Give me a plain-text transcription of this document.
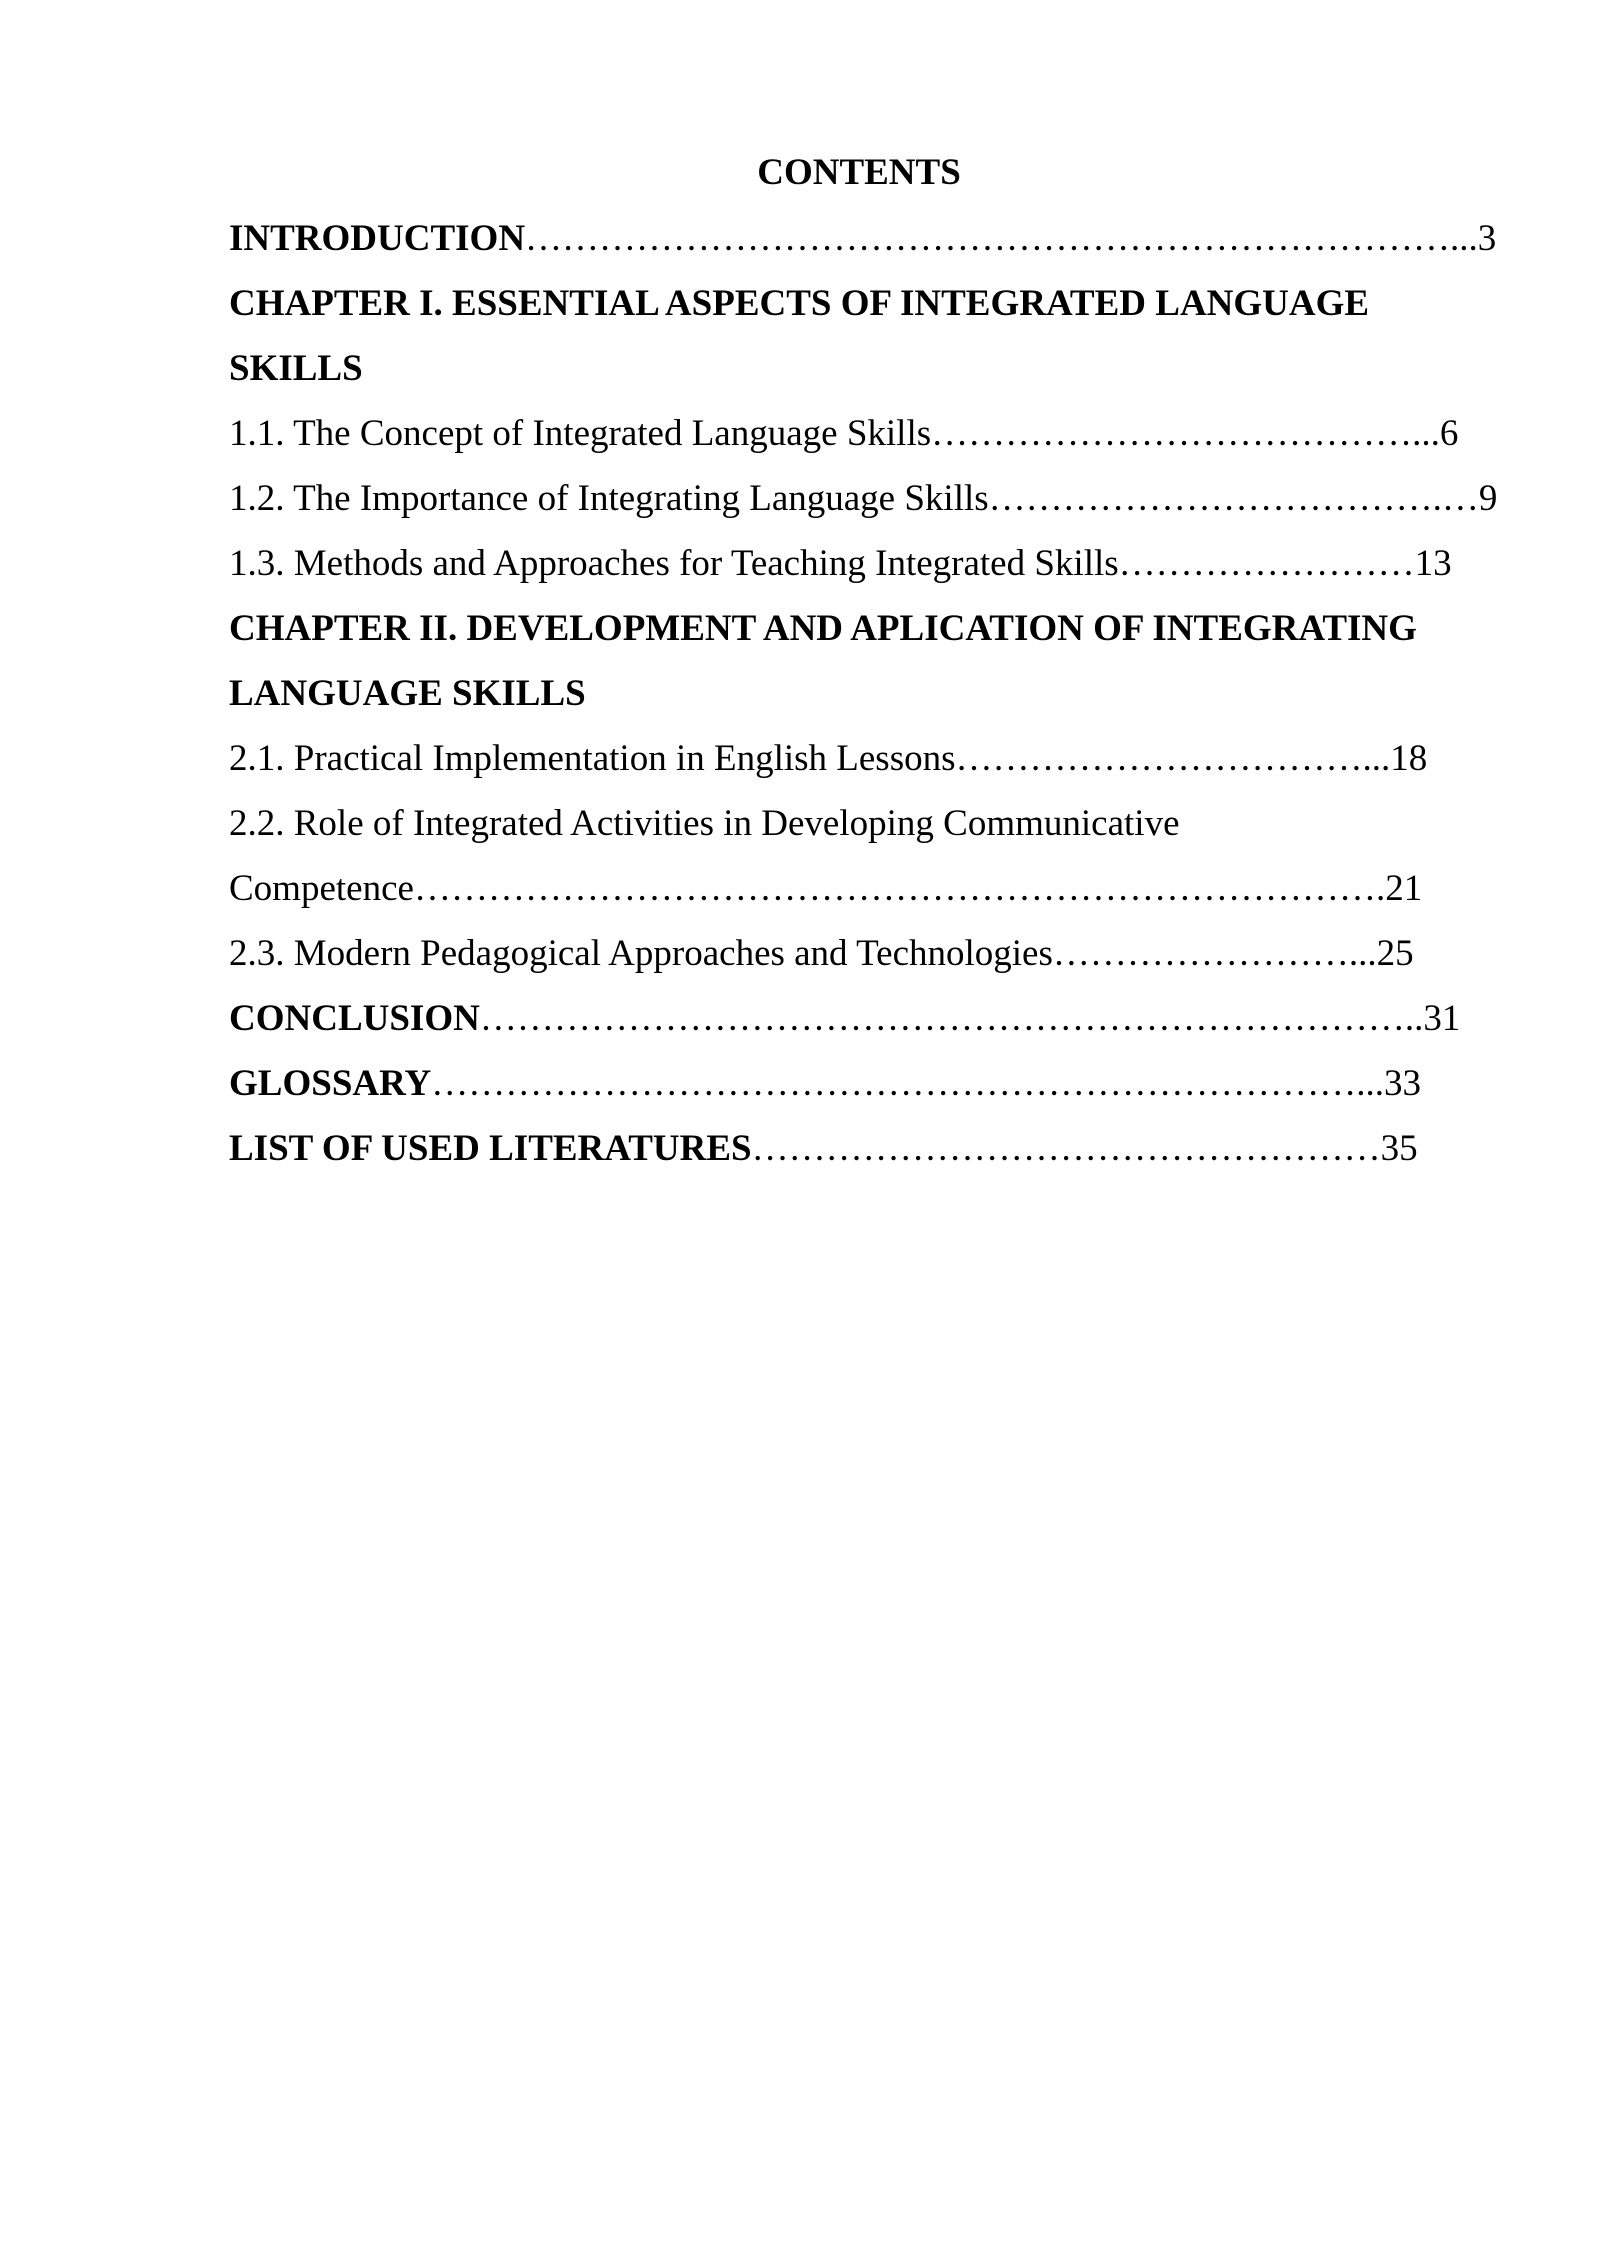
CONTENTS

INTRODUCTION…………………………………………………………………...3

CHAPTER I. ESSENTIAL ASPECTS OF INTEGRATED LANGUAGE

SKILLS

1.1. The Concept of Integrated Language Skills…………………………………...6

1.2. The Importance of Integrating Language Skills……………………………….…9

1.3. Methods and Approaches for Teaching Integrated Skills……………………13

CHAPTER II. DEVELOPMENT AND APLICATION OF INTEGRATING

LANGUAGE SKILLS

2.1. Practical Implementation in English Lessons……………………………...18

2.2. Role of Integrated Activities in Developing Communicative

Competence…………………………………………………………………….21

2.3. Modern Pedagogical Approaches and Technologies……………………...25

CONCLUSION…………………………………………………………………..31

GLOSSARY…………………………………………………………………...33

LIST OF USED LITERATURES……………………………………………35
